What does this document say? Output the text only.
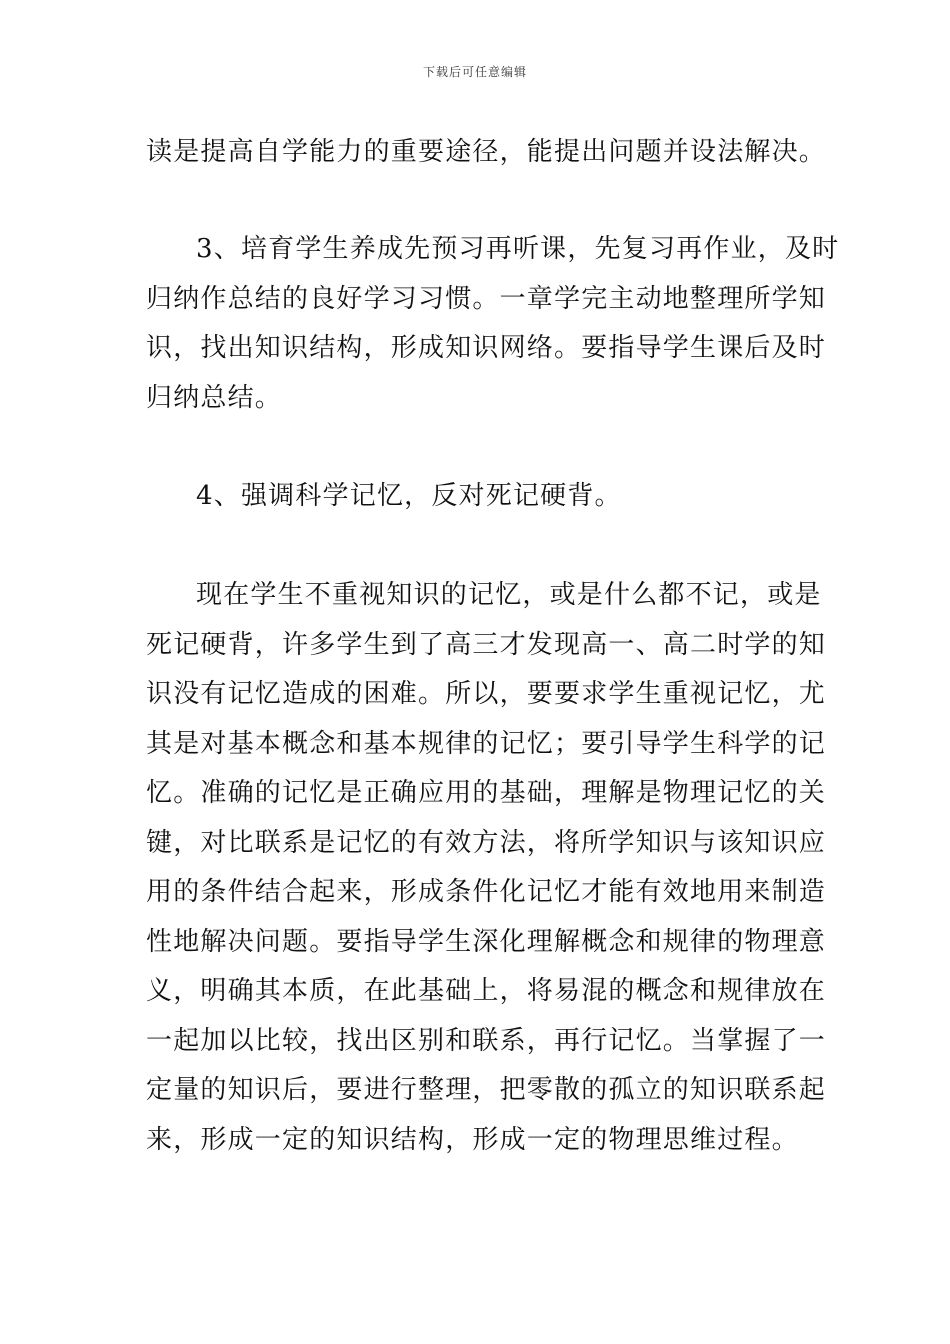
下载后可任意编辑
读是提高自学能力的重要途径，能提出问题并设法解决。
3、培育学生养成先预习再听课，先复习再作业，及时
归纳作总结的良好学习习惯。一章学完主动地整理所学知
识，找出知识结构，形成知识网络。要指导学生课后及时
归纳总结。
4、强调科学记忆，反对死记硬背。
现在学生不重视知识的记忆，或是什么都不记，或是
死记硬背，许多学生到了高三才发现高一、高二时学的知
识没有记忆造成的困难。所以，要要求学生重视记忆，尤
其是对基本概念和基本规律的记忆；要引导学生科学的记
忆。准确的记忆是正确应用的基础，理解是物理记忆的关
键，对比联系是记忆的有效方法，将所学知识与该知识应
用的条件结合起来，形成条件化记忆才能有效地用来制造
性地解决问题。要指导学生深化理解概念和规律的物理意
义，明确其本质，在此基础上，将易混的概念和规律放在
一起加以比较，找出区别和联系，再行记忆。当掌握了一
定量的知识后，要进行整理，把零散的孤立的知识联系起
来，形成一定的知识结构，形成一定的物理思维过程。
